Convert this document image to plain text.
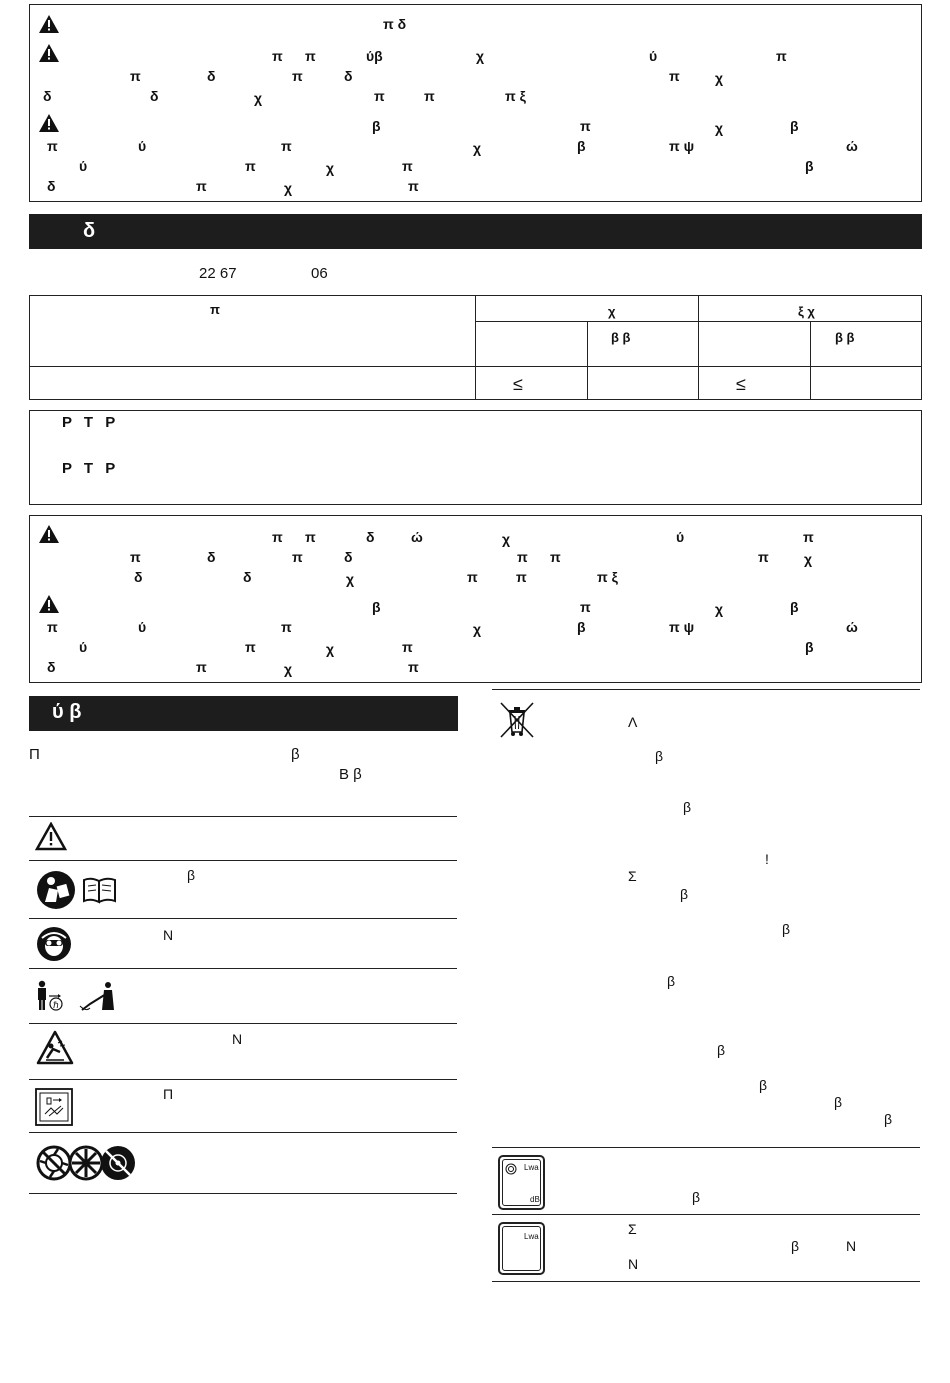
π δ
π π	ύβ	χ	ύ	π
π	δ	π	δ	π	χ
δ	δ	χ	π	π	π ξ
β	π	χ	β
π	ύ	π	χ	β	π ψ	ώ
ύ	π	χ	π	β
δ	π	χ	π
δ
22 67	06
π	χ	ξ χ
β β	β β
≤	≤
P T P
P T P
π π	δ	ώ	χ	ύ	π
π	δ	π	δ	π π	π	χ
δ	δ	χ	π	π	π ξ
β	π	χ	β
π	ύ	π	χ	β	π ψ	ώ
ύ	π	χ	π	β
δ	π	χ	π
ύ β
Π	β
Β β
β
Ν
ℏ
Ν
Π
Λ
β
β
!
Σ
β
β
β
β
β
β
β
Lwa
dB	β
Lwa	Σ
β	Ν
Ν
